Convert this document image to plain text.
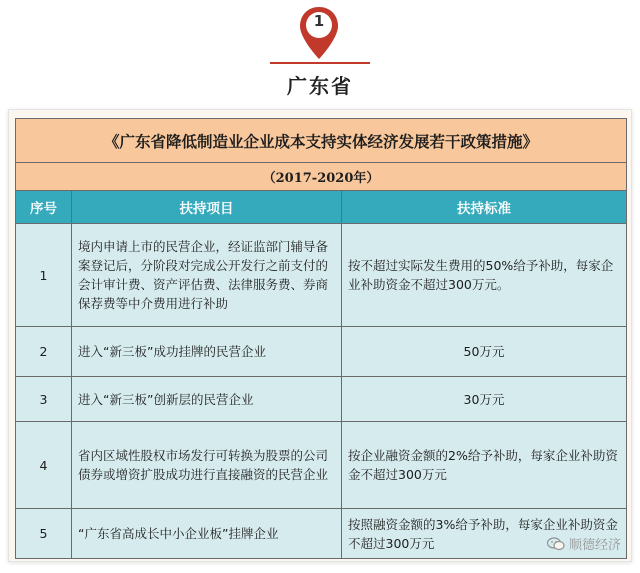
1
广东省
《广东省降低制造业企业成本支持实体经济发展若干政策措施》		
（2017-2020年）		
序号	扶持项目	扶持标准
1	境内申请上市的民营企业，经证监部门辅导备案登记后，分阶段对完成公开发行之前支付的会计审计费、资产评估费、法律服务费、券商保荐费等中介费用进行补助	按不超过实际发生费用的50%给予补助，每家企业补助资金不超过300万元。
2	进入“新三板”成功挂牌的民营企业	50万元
3	进入“新三板”创新层的民营企业	30万元
4	省内区域性股权市场发行可转换为股票的公司债券或增资扩股成功进行直接融资的民营企业	按企业融资金额的2%给予补助，每家企业补助资金不超过300万元
5	“广东省高成长中小企业板”挂牌企业	按照融资金额的3%给予补助，每家企业补助资金不超过300万元	顺德经济
